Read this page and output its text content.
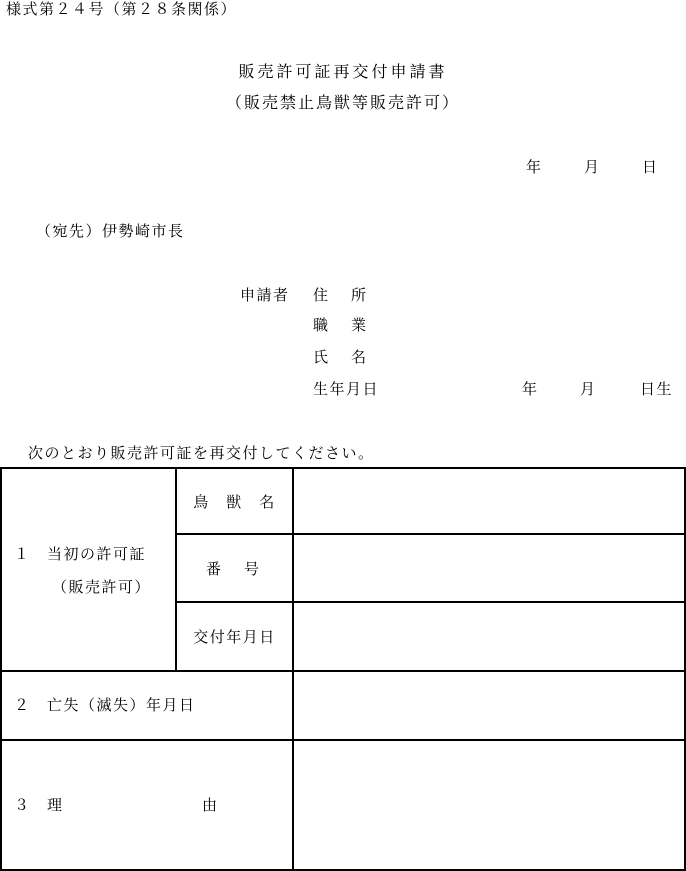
様式第２４号（第２８条関係）
販売許可証再交付申請書
（販売禁止鳥獣等販売許可）
年	月	日
（宛先）伊勢崎市長
申請者 住　所
職　業
氏　名
生年月日	年	月	日生
次のとおり販売許可証を再交付してください。
１　当初の許可証
（販売許可）
鳥　獣　名
番　号
交付年月日
２　亡失（滅失）年月日
３　理	由
